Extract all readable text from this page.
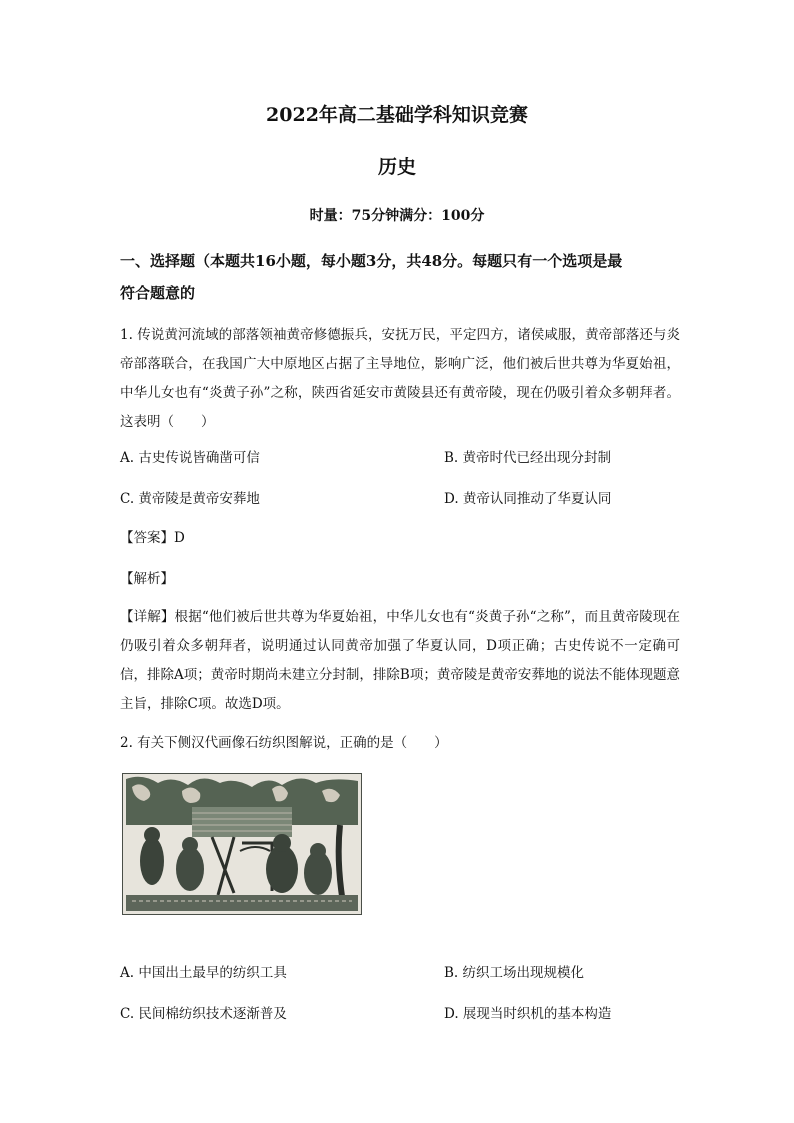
2022年高二基础学科知识竞赛
历史
时量：75分钟满分：100分
一、选择题（本题共16小题，每小题3分，共48分。每题只有一个选项是最
符合题意的
1. 传说黄河流域的部落领袖黄帝修德振兵，安抚万民，平定四方，诸侯咸服，黄帝部落还与炎帝部落联合，在我国广大中原地区占据了主导地位，影响广泛，他们被后世共尊为华夏始祖，中华儿女也有“炎黄子孙”之称，陕西省延安市黄陵县还有黄帝陵，现在仍吸引着众多朝拜者。这表明（　　）
A. 古史传说皆确凿可信	B. 黄帝时代已经出现分封制
C. 黄帝陵是黄帝安葬地	D. 黄帝认同推动了华夏认同
【答案】D
【解析】
【详解】根据“他们被后世共尊为华夏始祖，中华儿女也有“炎黄子孙“之称”，而且黄帝陵现在仍吸引着众多朝拜者，说明通过认同黄帝加强了华夏认同，D项正确；古史传说不一定确可信，排除A项；黄帝时期尚未建立分封制，排除B项；黄帝陵是黄帝安葬地的说法不能体现题意主旨，排除C项。故选D项。
2. 有关下侧汉代画像石纺织图解说，正确的是（　　）
A. 中国出土最早的纺织工具	B. 纺织工场出现规模化
C. 民间棉纺织技术逐渐普及	D. 展现当时织机的基本构造
